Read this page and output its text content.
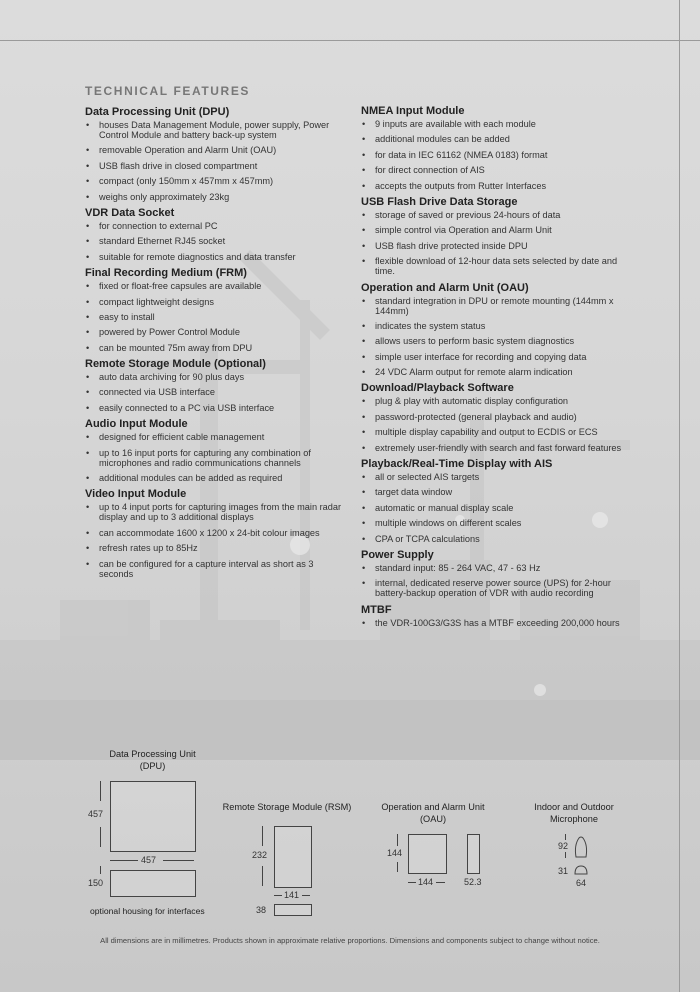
TECHNICAL FEATURES
Data Processing Unit (DPU)
• houses Data Management Module, power supply, Power Control Module and battery back-up system
• removable Operation and Alarm Unit (OAU)
• USB flash drive in closed compartment
• compact (only 150mm x 457mm x 457mm)
• weighs only approximately 23kg
VDR Data Socket
• for connection to external PC
• standard Ethernet RJ45 socket
• suitable for remote diagnostics and data transfer
Final Recording Medium (FRM)
• fixed or float-free capsules are available
• compact lightweight designs
• easy to install
• powered by Power Control Module
• can be mounted 75m away from DPU
Remote Storage Module (Optional)
• auto data archiving for 90 plus days
• connected via USB interface
• easily connected to a PC via USB interface
Audio Input Module
• designed for efficient cable management
• up to 16 input ports for capturing any combination of microphones and radio communications channels
• additional modules can be added as required
Video Input Module
• up to 4 input ports for capturing images from the main radar display and up to 3 additional displays
• can accommodate 1600 x 1200 x 24-bit colour images
• refresh rates up to 85Hz
• can be configured for a capture interval as short as 3 seconds
NMEA Input Module
• 9 inputs are available with each module
• additional modules can be added
• for data in IEC 61162 (NMEA 0183) format
• for direct connection of AIS
• accepts the outputs from Rutter Interfaces
USB Flash Drive Data Storage
• storage of saved or previous 24-hours of data
• simple control via Operation and Alarm Unit
• USB flash drive protected inside DPU
• flexible download of 12-hour data sets selected by date and time.
Operation and Alarm Unit (OAU)
• standard integration in DPU or remote mounting (144mm x 144mm)
• indicates the system status
• allows users to perform basic system diagnostics
• simple user interface for recording and copying data
• 24 VDC Alarm output for remote alarm indication
Download/Playback Software
• plug & play with automatic display configuration
• password-protected (general playback and audio)
• multiple display capability and output to ECDIS or ECS
• extremely user-friendly with search and fast forward features
Playback/Real-Time Display with AIS
• all or selected AIS targets
• target data window
• automatic or manual display scale
• multiple windows on different scales
• CPA or TCPA calculations
Power Supply
• standard input: 85 - 264 VAC, 47 - 63 Hz
• internal, dedicated reserve power source (UPS) for 2-hour battery-backup operation of VDR with audio recording
MTBF
• the VDR-100G3/G3S has a MTBF exceeding 200,000 hours
Data Processing Unit
(DPU)
457
457
150
optional housing for interfaces
Remote Storage Module (RSM)
232
141
38
Operation and Alarm Unit
(OAU)
144
144	52.3
Indoor and Outdoor
Microphone
92
31
64
All dimensions are in millimetres. Products shown in approximate relative proportions. Dimensions and components subject to change without notice.
